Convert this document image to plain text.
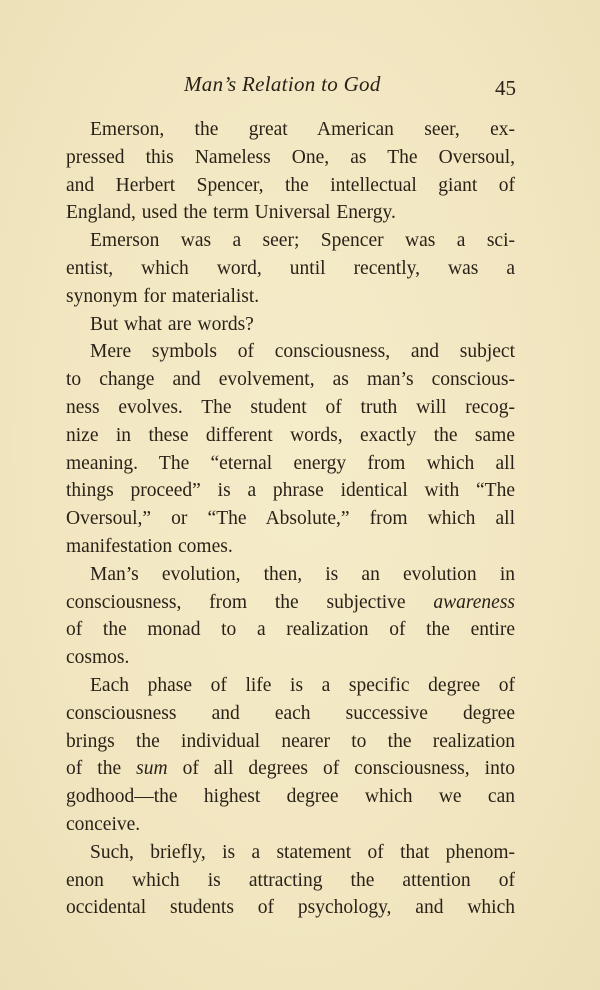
Man’s Relation to God	45
Emerson, the great American seer, ex-
pressed this Nameless One, as The Oversoul,
and Herbert Spencer, the intellectual giant of
England, used the term Universal Energy.
Emerson was a seer; Spencer was a sci-
entist, which word, until recently, was a
synonym for materialist.
But what are words?
Mere symbols of consciousness, and subject
to change and evolvement, as man’s conscious-
ness evolves. The student of truth will recog-
nize in these different words, exactly the same
meaning. The “eternal energy from which all
things proceed” is a phrase identical with “The
Oversoul,” or “The Absolute,” from which all
manifestation comes.
Man’s evolution, then, is an evolution in
consciousness, from the subjective awareness
of the monad to a realization of the entire
cosmos.
Each phase of life is a specific degree of
consciousness and each successive degree
brings the individual nearer to the realization
of the sum of all degrees of consciousness, into
godhood—the highest degree which we can
conceive.
Such, briefly, is a statement of that phenom-
enon which is attracting the attention of
occidental students of psychology, and which
